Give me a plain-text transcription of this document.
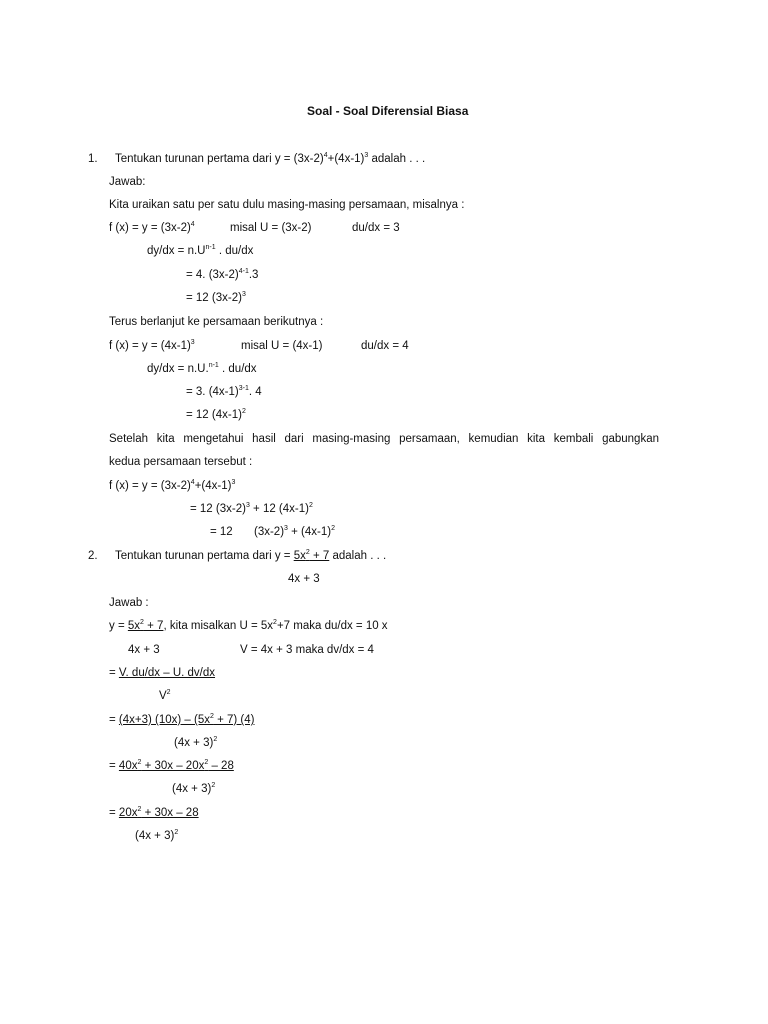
Soal - Soal Diferensial Biasa
1. Tentukan turunan pertama dari $y = (3x-2)^4+(4x-1)^3$ adalah . . .
Jawab:
Kita uraikan satu per satu dulu masing-masing persamaan, misalnya :
f $(x) = y = (3x-2)^4$	misal U = (3x-2)	du/dx = 3
$dy/dx = n.U^{n-1}$ . du/dx
= 4. $(3x-2)^{4-1}.3$
= 12 $(3x-2)^3$
Terus berlanjut ke persamaan berikutnya :
f $(x) = y = (4x-1)^3$	misal U = (4x-1)	du/dx = 4
dy/dx = n.U.$^{n-1}$ . du/dx
= 3. $(4x-1)^{3-1}$. 4
= 12 $(4x-1)^2$
Setelah kita mengetahui hasil dari masing-masing persamaan, kemudian kita kembali gabungkan
kedua persamaan tersebut :
f $(x) = y = (3x-2)^4+(4x-1)^3$
= 12 $(3x-2)^3 + 12$ $(4x-1)^2$
= 12 $(3x-2)^3 + (4x-1)^2$
2. Tentukan turunan pertama dari $y = 5x^2 + 7$ adalah . . .
4x + 3
Jawab :
$y = 5x^2 + 7$, kita misalkan $U = 5x^2+7$ maka du/dx = 10 x
4x + 3	V = 4x + 3 maka dv/dx = 4
= V. du/dx – U. dv/dx
$V^2$
= (4x+3) $(10x) - (5x^2 + 7)$ (4)
$(4x + 3)^2$
= $40x^2 + 30x - 20x^2 - 28$
$(4x + 3)^2$
= $20x^2 + 30x - 28$
$(4x + 3)^2$
